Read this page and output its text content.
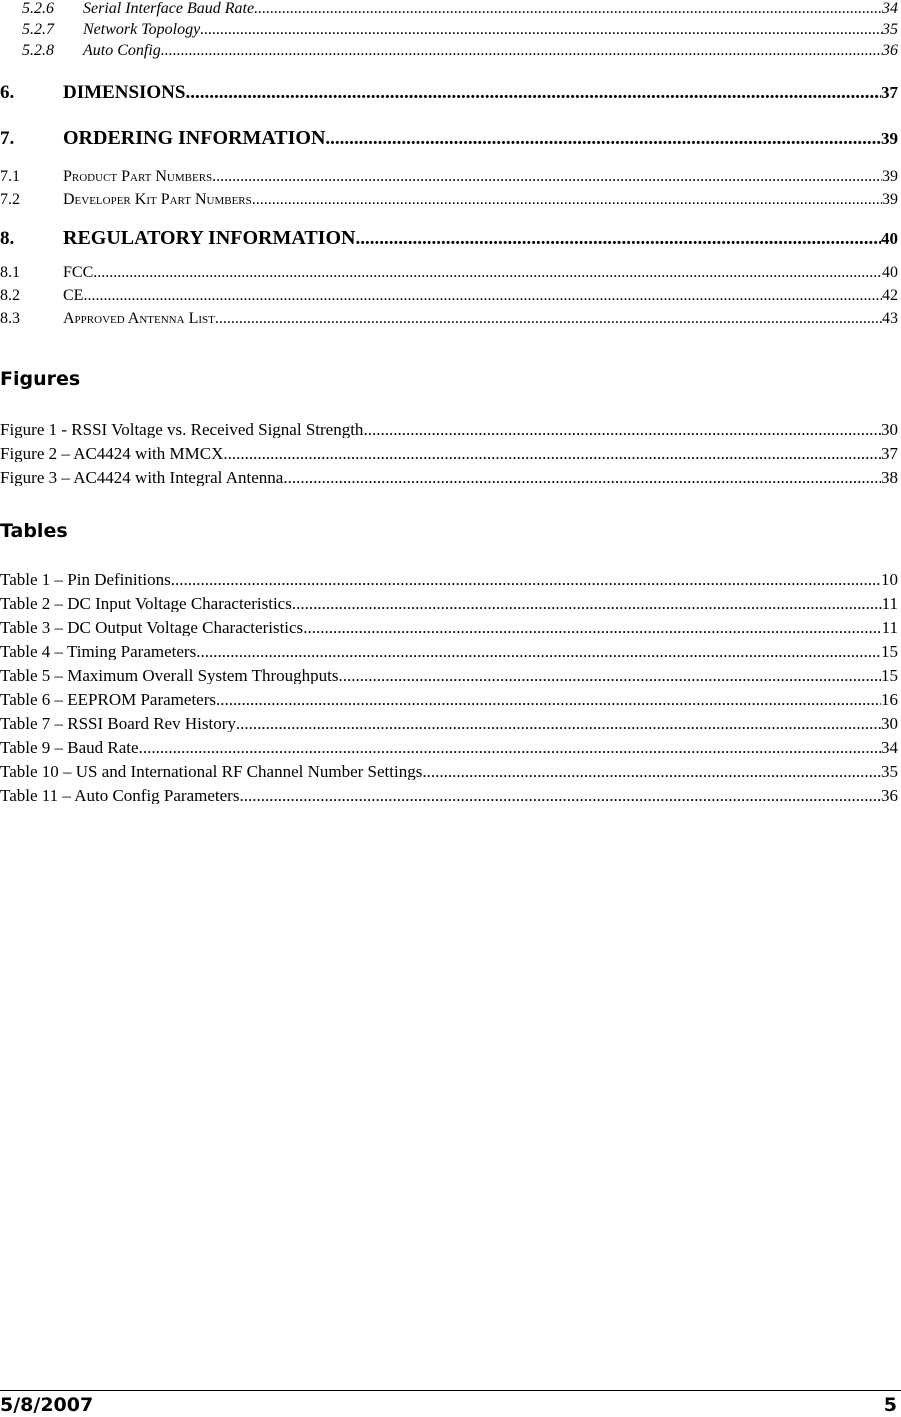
5.2.6	Serial Interface Baud Rate .....	34
5.2.7	Network Topology .....	35
5.2.8	Auto Config .....	36
6.	DIMENSIONS .....	37
7.	ORDERING INFORMATION .....	39
7.1	Product Part Numbers .....	39
7.2	Developer Kit Part Numbers .....	39
8.	REGULATORY INFORMATION .....	40
8.1	FCC .....	40
8.2	CE .....	42
8.3	Approved Antenna List .....	43
Figures
Figure 1 - RSSI Voltage vs. Received Signal Strength .....	30
Figure 2 – AC4424 with MMCX .....	37
Figure 3 – AC4424 with Integral Antenna .....	38
Tables
Table 1 – Pin Definitions .....	10
Table 2 – DC Input Voltage Characteristics .....	11
Table 3 – DC Output Voltage Characteristics .....	11
Table 4 – Timing Parameters .....	15
Table 5 – Maximum Overall System Throughputs .....	15
Table 6 – EEPROM Parameters .....	16
Table 7 – RSSI Board Rev History .....	30
Table 9 – Baud Rate .....	34
Table 10 – US and International RF Channel Number Settings .....	35
Table 11 – Auto Config Parameters .....	36
5/8/2007	5
